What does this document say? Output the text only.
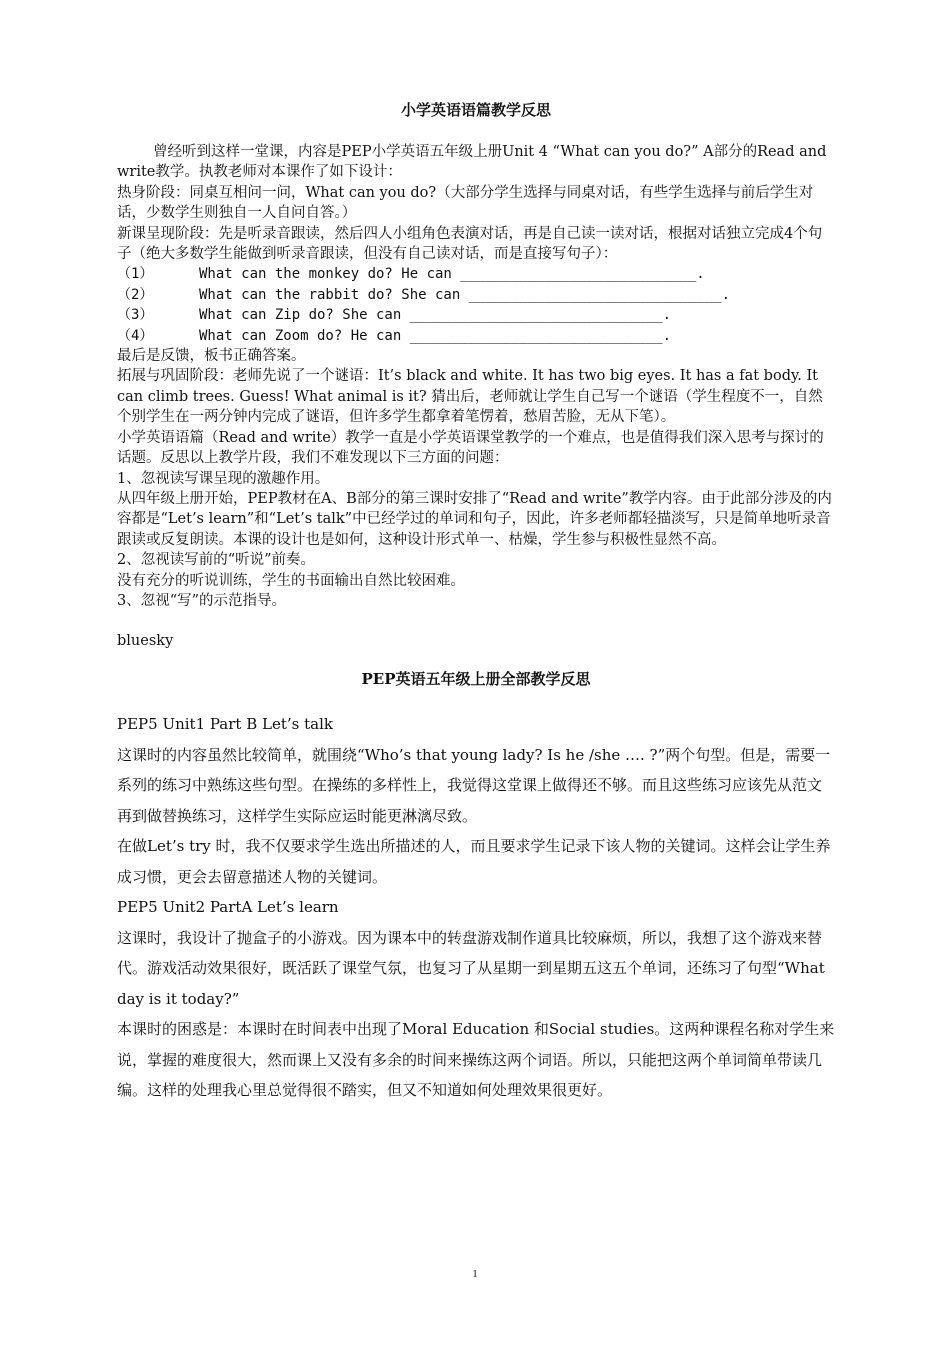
小学英语语篇教学反思

曾经听到这样一堂课，内容是PEP小学英语五年级上册Unit 4 “What can you do?” A部分的Read and write教学。执教老师对本课作了如下设计：

热身阶段：同桌互相问一问，What can you do?（大部分学生选择与同桌对话，有些学生选择与前后学生对话，少数学生则独自一人自问自答。）

新课呈现阶段：先是听录音跟读，然后四人小组角色表演对话，再是自己读一读对话，根据对话独立完成4个句子（绝大多数学生能做到听录音跟读，但没有自己读对话，而是直接写句子）：

（1）	What can the monkey do? He can ____________________________.

（2）	What can the rabbit do? She can ______________________________.

（3）	What can Zip do? She can ______________________________.

（4）	What can Zoom do? He can ______________________________.

最后是反馈，板书正确答案。

拓展与巩固阶段：老师先说了一个谜语：It’s black and white. It has two big eyes. It has a fat body. It can climb trees. Guess! What animal is it? 猜出后，老师就让学生自己写一个谜语（学生程度不一，自然个别学生在一两分钟内完成了谜语，但许多学生都拿着笔愣着，愁眉苦脸，无从下笔）。

小学英语语篇（Read and write）教学一直是小学英语课堂教学的一个难点，也是值得我们深入思考与探讨的话题。反思以上教学片段，我们不难发现以下三方面的问题：

1、忽视读写课呈现的激趣作用。

从四年级上册开始，PEP教材在A、B部分的第三课时安排了“Read and write”教学内容。由于此部分涉及的内容都是“Let’s learn”和“Let’s talk”中已经学过的单词和句子，因此，许多老师都轻描淡写，只是简单地听录音跟读或反复朗读。本课的设计也是如何，这种设计形式单一、枯燥，学生参与积极性显然不高。

2、忽视读写前的“听说”前奏。

没有充分的听说训练，学生的书面输出自然比较困难。

3、忽视“写”的示范指导。

bluesky

PEP英语五年级上册全部教学反思

PEP5 Unit1 Part B Let’s talk

这课时的内容虽然比较简单，就围绕“Who’s that young lady? Is he /she …. ?”两个句型。但是，需要一系列的练习中熟练这些句型。在操练的多样性上，我觉得这堂课上做得还不够。而且这些练习应该先从范文再到做替换练习，这样学生实际应运时能更淋漓尽致。

在做Let’s try 时，我不仅要求学生选出所描述的人，而且要求学生记录下该人物的关键词。这样会让学生养成习惯，更会去留意描述人物的关键词。

PEP5 Unit2 PartA Let’s learn

这课时，我设计了抛盒子的小游戏。因为课本中的转盘游戏制作道具比较麻烦，所以，我想了这个游戏来替代。游戏活动效果很好，既活跃了课堂气氛，也复习了从星期一到星期五这五个单词，还练习了句型“What day is it today?”

本课时的困惑是：本课时在时间表中出现了Moral Education 和Social studies。这两种课程名称对学生来说，掌握的难度很大，然而课上又没有多余的时间来操练这两个词语。所以，只能把这两个单词简单带读几编。这样的处理我心里总觉得很不踏实，但又不知道如何处理效果很更好。

1
